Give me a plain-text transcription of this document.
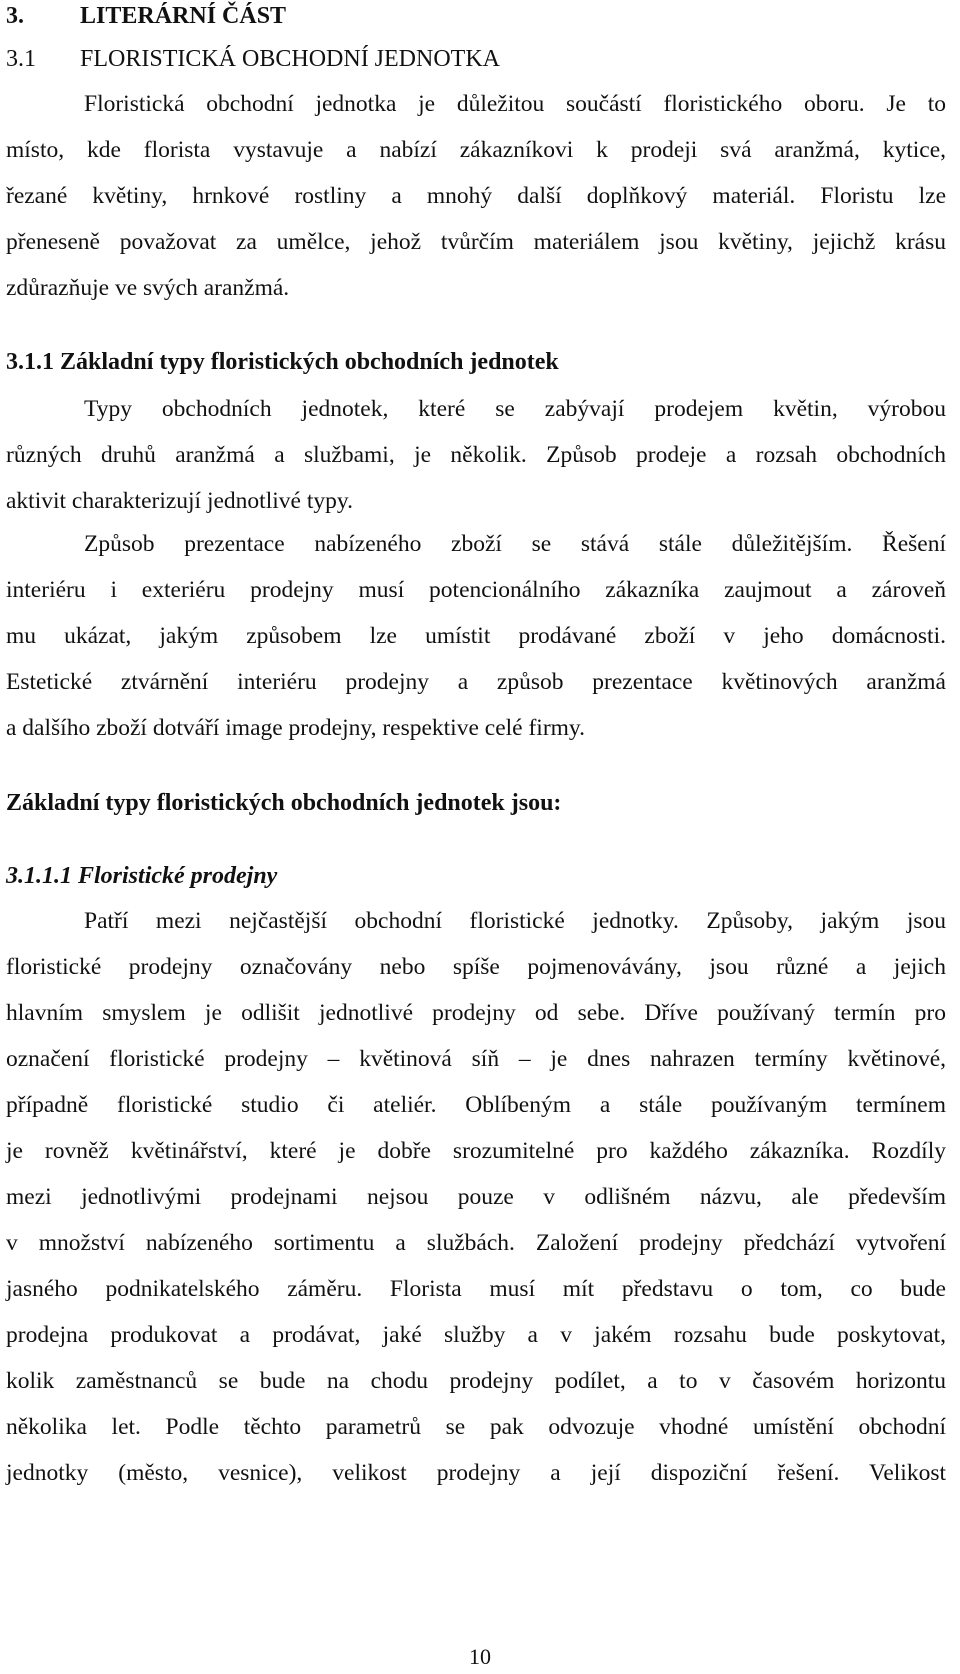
3. LITERÁRNÍ ČÁST
3.1 FLORISTICKÁ OBCHODNÍ JEDNOTKA
Floristická obchodní jednotka je důležitou součástí floristického oboru. Je to
místo, kde florista vystavuje a nabízí zákazníkovi k prodeji svá aranžmá, kytice,
řezané květiny, hrnkové rostliny a mnohý další doplňkový materiál. Floristu lze
přeneseně považovat za umělce, jehož tvůrčím materiálem jsou květiny, jejichž krásu
zdůrazňuje ve svých aranžmá.
3.1.1 Základní typy floristických obchodních jednotek
Typy obchodních jednotek, které se zabývají prodejem květin, výrobou
různých druhů aranžmá a službami, je několik. Způsob prodeje a rozsah obchodních
aktivit charakterizují jednotlivé typy.
Způsob prezentace nabízeného zboží se stává stále důležitějším. Řešení
interiéru i exteriéru prodejny musí potencionálního zákazníka zaujmout a zároveň
mu ukázat, jakým způsobem lze umístit prodávané zboží v jeho domácnosti.
Estetické ztvárnění interiéru prodejny a způsob prezentace květinových aranžmá
a dalšího zboží dotváří image prodejny, respektive celé firmy.
Základní typy floristických obchodních jednotek jsou:
3.1.1.1 Floristické prodejny
Patří mezi nejčastější obchodní floristické jednotky. Způsoby, jakým jsou
floristické prodejny označovány nebo spíše pojmenovávány, jsou různé a jejich
hlavním smyslem je odlišit jednotlivé prodejny od sebe. Dříve používaný termín pro
označení floristické prodejny – květinová síň – je dnes nahrazen termíny květinové,
případně floristické studio či ateliér. Oblíbeným a stále používaným termínem
je rovněž květinářství, které je dobře srozumitelné pro každého zákazníka. Rozdíly
mezi jednotlivými prodejnami nejsou pouze v odlišném názvu, ale především
v množství nabízeného sortimentu a službách. Založení prodejny předchází vytvoření
jasného podnikatelského záměru. Florista musí mít představu o tom, co bude
prodejna produkovat a prodávat, jaké služby a v jakém rozsahu bude poskytovat,
kolik zaměstnanců se bude na chodu prodejny podílet, a to v časovém horizontu
několika let. Podle těchto parametrů se pak odvozuje vhodné umístění obchodní
jednotky (město, vesnice), velikost prodejny a její dispoziční řešení. Velikost
10
